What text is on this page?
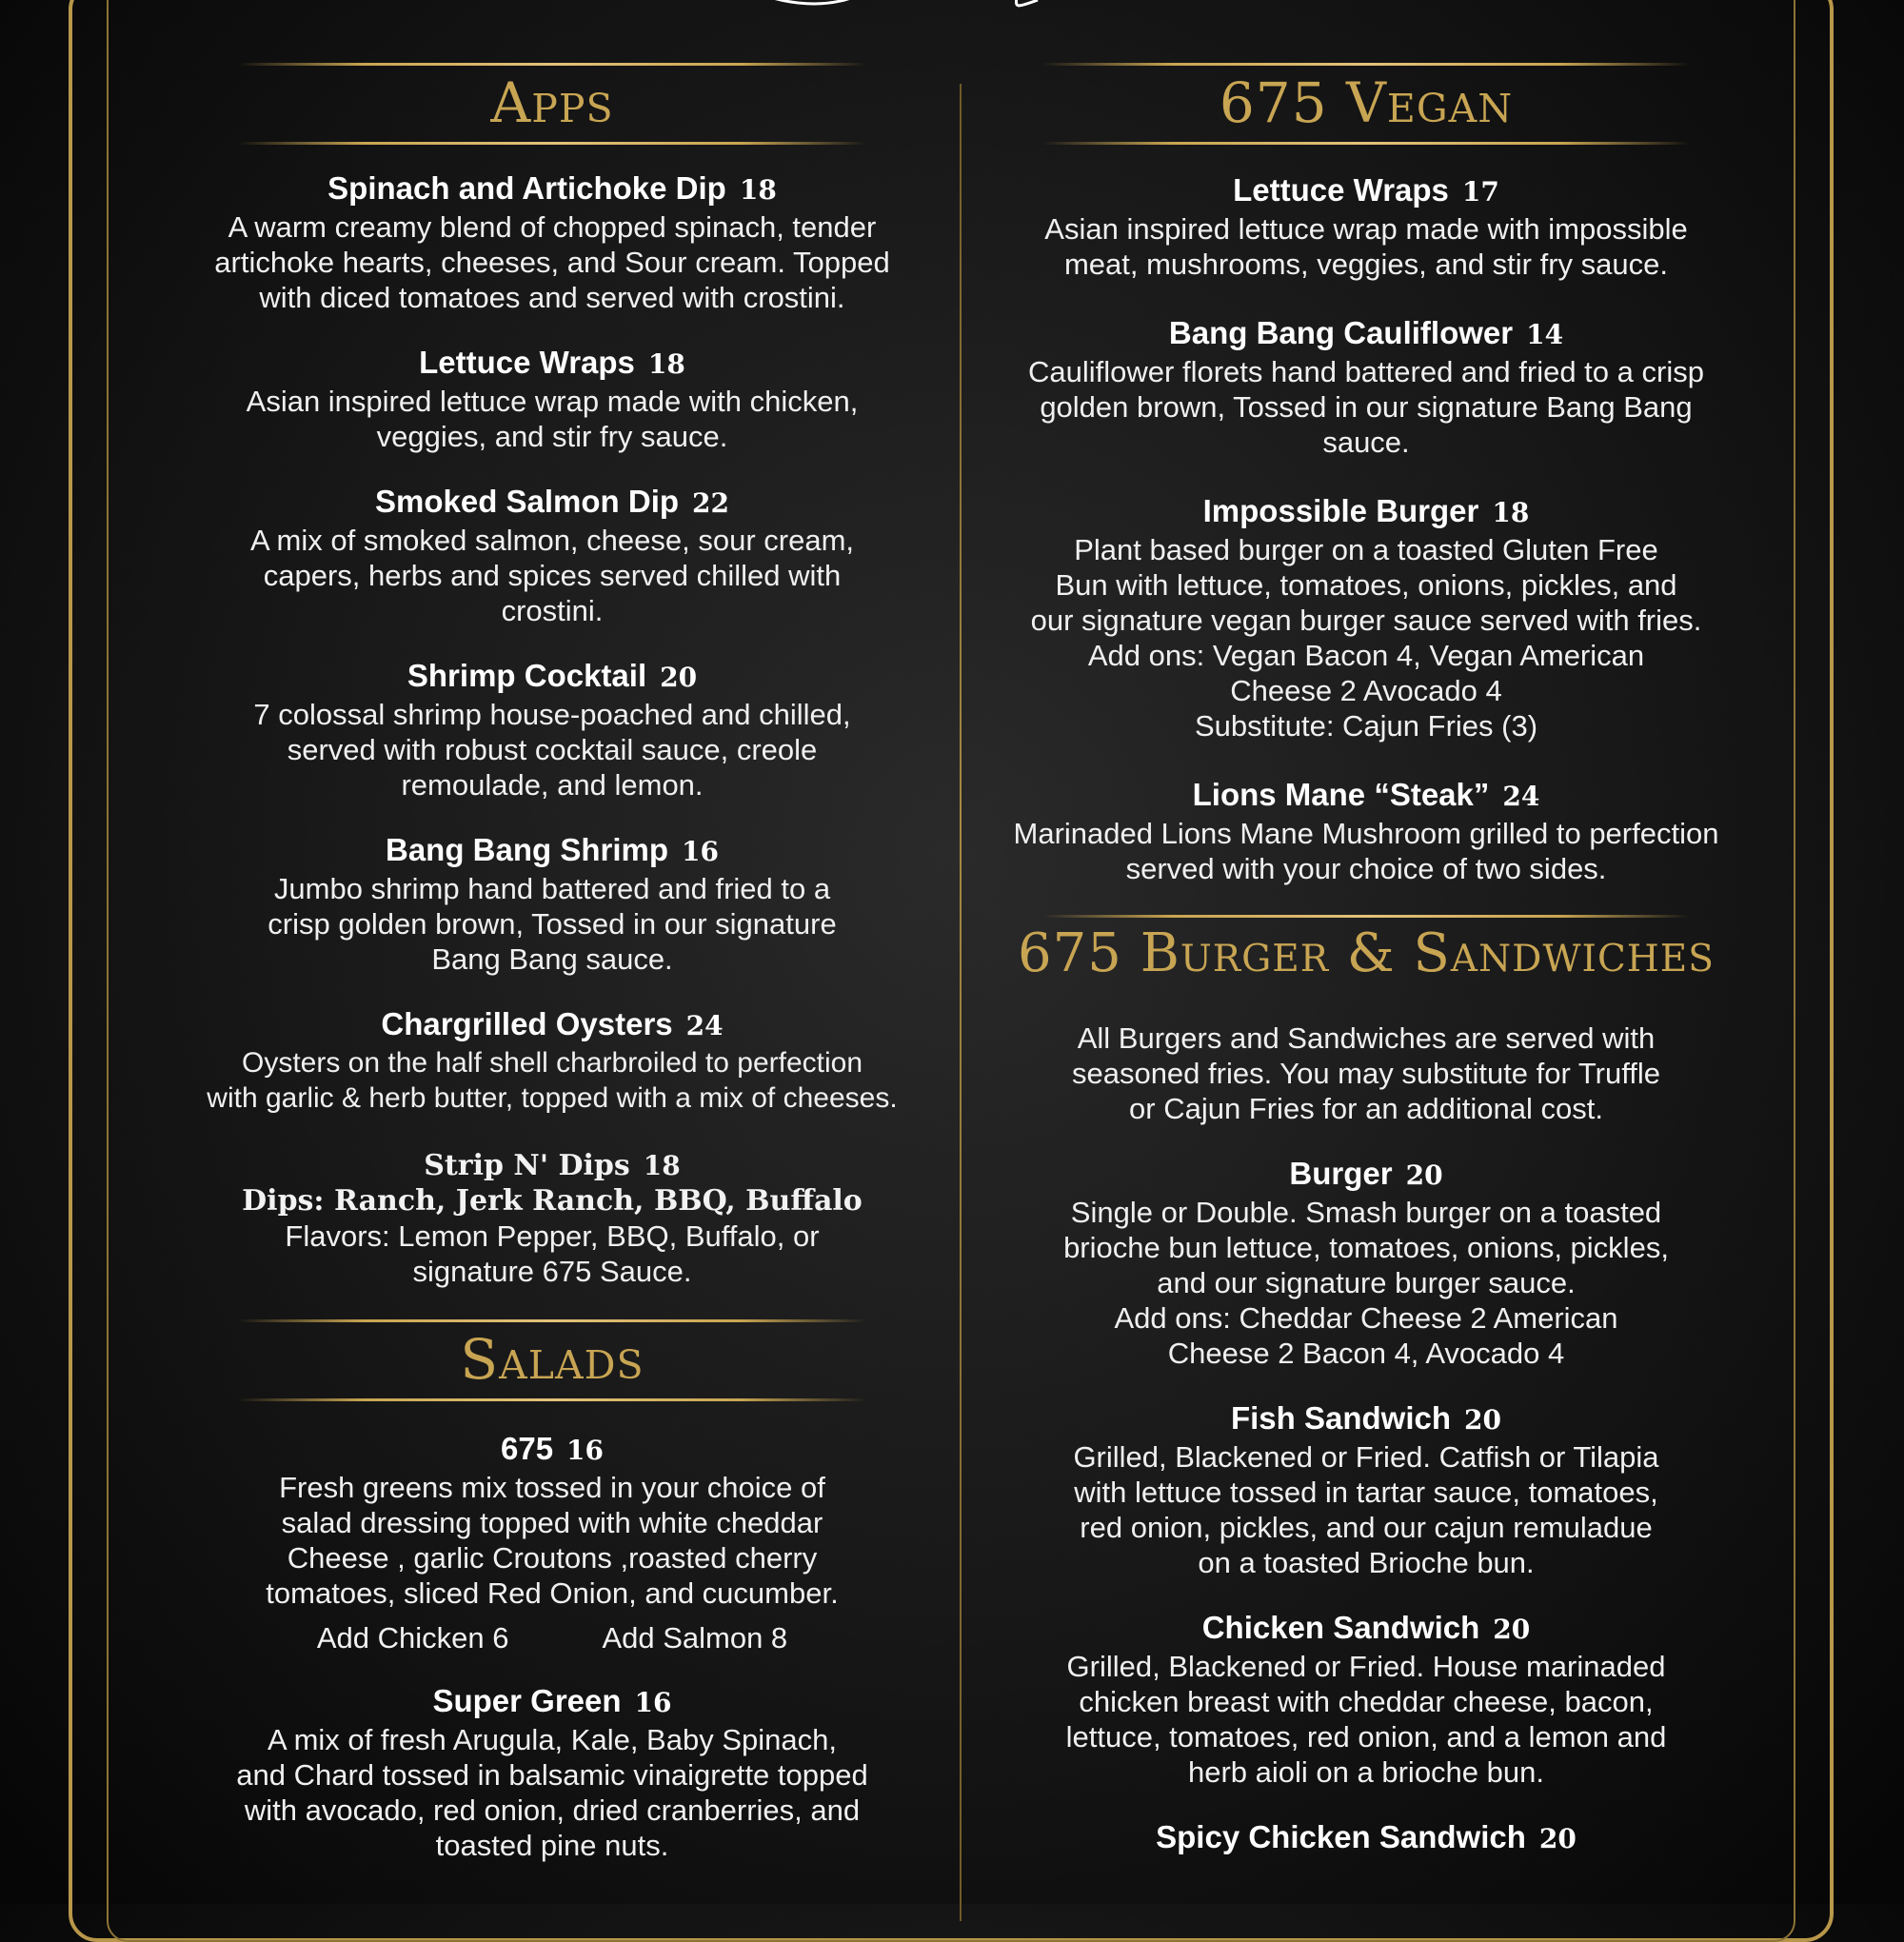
Apps
Spinach and Artichoke Dip 18
A warm creamy blend of chopped spinach, tender
artichoke hearts, cheeses, and Sour cream. Topped
with diced tomatoes and served with crostini.
Lettuce Wraps 18
Asian inspired lettuce wrap made with chicken,
veggies, and stir fry sauce.
Smoked Salmon Dip 22
A mix of smoked salmon, cheese, sour cream,
capers, herbs and spices served chilled with
crostini.
Shrimp Cocktail 20
7 colossal shrimp house-poached and chilled,
served with robust cocktail sauce, creole
remoulade, and lemon.
Bang Bang Shrimp 16
Jumbo shrimp hand battered and fried to a
crisp golden brown, Tossed in our signature
Bang Bang sauce.
Chargrilled Oysters 24
Oysters on the half shell charbroiled to perfection
with garlic & herb butter, topped with a mix of cheeses.
Strip N' Dips 18
Dips: Ranch, Jerk Ranch, BBQ, Buffalo
Flavors: Lemon Pepper, BBQ, Buffalo, or
signature 675 Sauce.
Salads
675 16
Fresh greens mix tossed in your choice of
salad dressing topped with white cheddar
Cheese , garlic Croutons ,roasted cherry
tomatoes, sliced Red Onion, and cucumber.
Add Chicken 6	Add Salmon 8
Super Green 16
A mix of fresh Arugula, Kale, Baby Spinach,
and Chard tossed in balsamic vinaigrette topped
with avocado, red onion, dried cranberries, and
toasted pine nuts.
675 Vegan
Lettuce Wraps 17
Asian inspired lettuce wrap made with impossible
meat, mushrooms, veggies, and stir fry sauce.
Bang Bang Cauliflower 14
Cauliflower florets hand battered and fried to a crisp
golden brown, Tossed in our signature Bang Bang
sauce.
Impossible Burger 18
Plant based burger on a toasted Gluten Free
Bun with lettuce, tomatoes, onions, pickles, and
our signature vegan burger sauce served with fries.
Add ons: Vegan Bacon 4, Vegan American
Cheese 2 Avocado 4
Substitute: Cajun Fries (3)
Lions Mane “Steak” 24
Marinaded Lions Mane Mushroom grilled to perfection
served with your choice of two sides.
675 Burger & Sandwiches
All Burgers and Sandwiches are served with
seasoned fries. You may substitute for Truffle
or Cajun Fries for an additional cost.
Burger 20
Single or Double. Smash burger on a toasted
brioche bun lettuce, tomatoes, onions, pickles,
and our signature burger sauce.
Add ons: Cheddar Cheese 2 American
Cheese 2 Bacon 4, Avocado 4
Fish Sandwich 20
Grilled, Blackened or Fried. Catfish or Tilapia
with lettuce tossed in tartar sauce, tomatoes,
red onion, pickles, and our cajun remuladue
on a toasted Brioche bun.
Chicken Sandwich 20
Grilled, Blackened or Fried. House marinaded
chicken breast with cheddar cheese, bacon,
lettuce, tomatoes, red onion, and a lemon and
herb aioli on a brioche bun.
Spicy Chicken Sandwich 20
